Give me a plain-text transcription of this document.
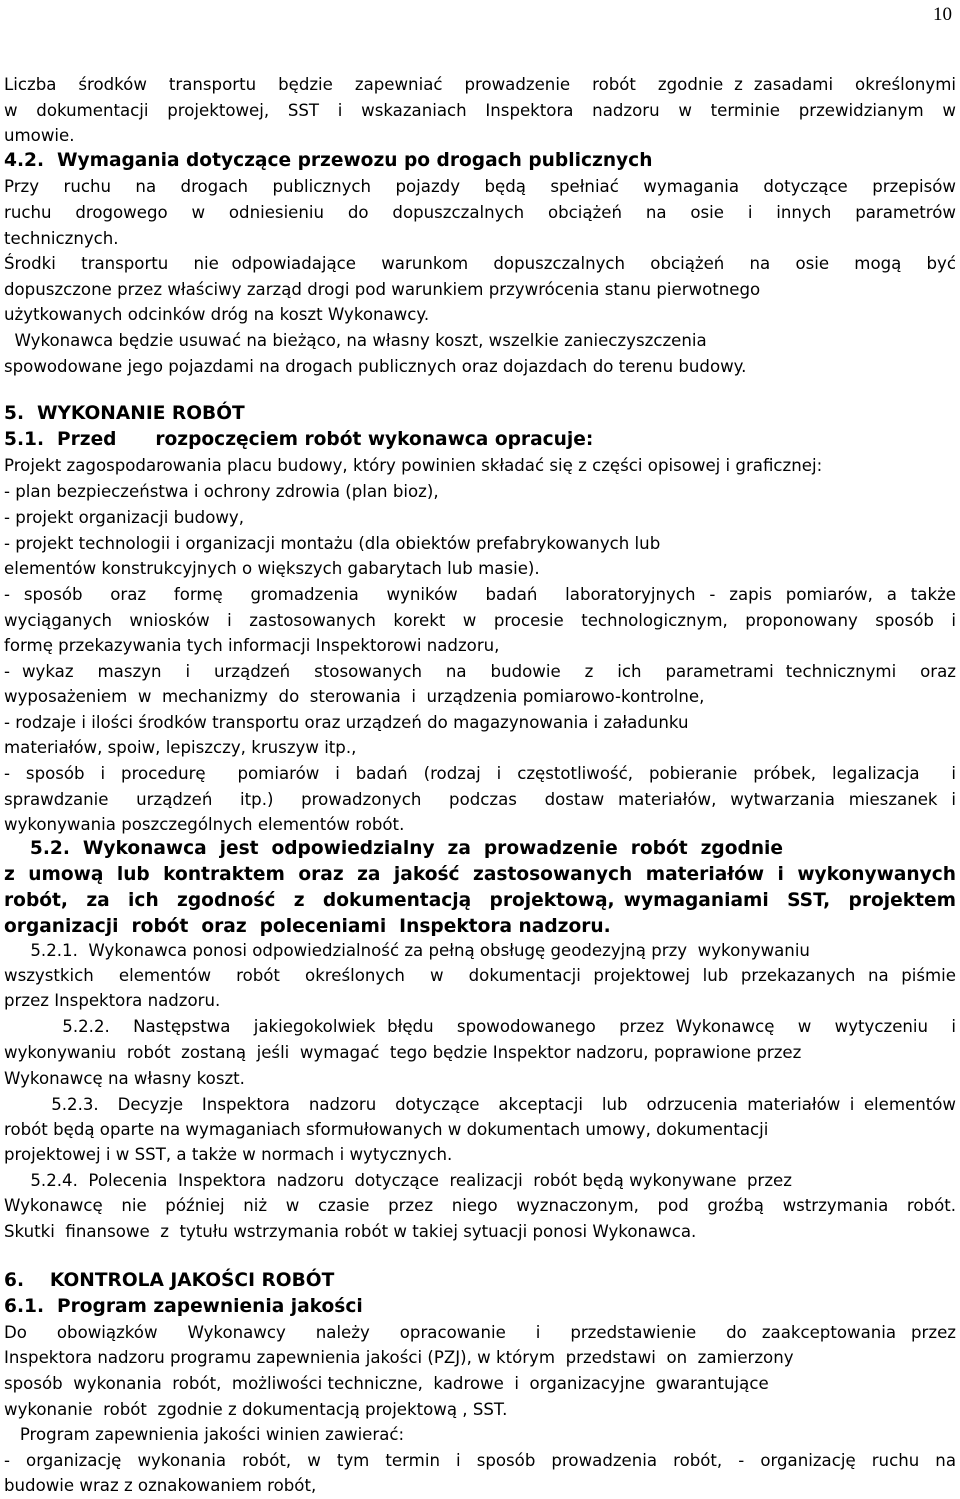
10
Liczba  środków  transportu  będzie  zapewniać  prowadzenie  robót  zgodnie z zasadami  określonymi
w  dokumentacji  projektowej,  SST  i  wskazaniach  Inspektora  nadzoru  w  terminie  przewidzianym  w
umowie.
4.2.  Wymagania dotyczące przewozu po drogach publicznych
Przy  ruchu  na  drogach  publicznych  pojazdy  będą  spełniać  wymagania  dotyczące  przepisów
ruchu drogowego w odniesieniu do dopuszczalnych obciążeń na osie i innych parametrów
technicznych.
Środki  transportu  nie odpowiadające  warunkom  dopuszczalnych  obciążeń  na  osie  mogą  być
dopuszczone przez właściwy zarząd drogi pod warunkiem przywrócenia stanu pierwotnego
użytkowanych odcinków dróg na koszt Wykonawcy.
Wykonawca będzie usuwać na bieżąco, na własny koszt, wszelkie zanieczyszczenia
spowodowane jego pojazdami na drogach publicznych oraz dojazdach do terenu budowy.
5.  WYKONANIE ROBÓT
5.1.  Przed      rozpoczęciem robót wykonawca opracuje:
Projekt zagospodarowania placu budowy, który powinien składać się z części opisowej i graficznej:
- plan bezpieczeństwa i ochrony zdrowia (plan bioz),
- projekt organizacji budowy,
- projekt technologii i organizacji montażu (dla obiektów prefabrykowanych lub
elementów konstrukcyjnych o większych gabarytach lub masie).
- sposób  oraz  formę  gromadzenia  wyników  badań  laboratoryjnych - zapis pomiarów, a także
wyciąganych wniosków i zastosowanych korekt w procesie technologicznym, proponowany sposób i
formę przekazywania tych informacji Inspektorowi nadzoru,
- wykaz  maszyn  i  urządzeń  stosowanych  na  budowie  z  ich  parametrami technicznymi  oraz
wyposażeniem  w  mechanizmy  do  sterowania  i  urządzenia pomiarowo-kontrolne,
- rodzaje i ilości środków transportu oraz urządzeń do magazynowania i załadunku
materiałów, spoiw, lepiszczy, kruszyw itp.,
- sposób i procedurę  pomiarów i badań (rodzaj i częstotliwość, pobieranie próbek, legalizacja  i
sprawdzanie  urządzeń  itp.)  prowadzonych  podczas  dostaw materiałów, wytwarzania mieszanek i
wykonywania poszczególnych elementów robót.
5.2.  Wykonawca  jest  odpowiedzialny  za  prowadzenie  robót  zgodnie
z umową lub kontraktem oraz za jakość zastosowanych materiałów i wykonywanych
robót,  za  ich  zgodność  z  dokumentacją  projektową, wymaganiami  SST,  projektem
organizacji  robót  oraz  poleceniami  Inspektora nadzoru.
5.2.1.  Wykonawca ponosi odpowiedzialność za pełną obsługę geodezyjną przy  wykonywaniu
wszystkich  elementów  robót  określonych  w  dokumentacji projektowej lub przekazanych na piśmie
przez Inspektora nadzoru.
5.2.2.  Następstwa  jakiegokolwiek błędu  spowodowanego  przez Wykonawcę  w  wytyczeniu  i
wykonywaniu  robót  zostaną  jeśli  wymagać  tego będzie Inspektor nadzoru, poprawione przez
Wykonawcę na własny koszt.
5.2.3.  Decyzje  Inspektora  nadzoru  dotyczące  akceptacji  lub  odrzucenia materiałów i elementów
robót będą oparte na wymaganiach sformułowanych w dokumentach umowy, dokumentacji
projektowej i w SST, a także w normach i wytycznych.
5.2.4.  Polecenia  Inspektora  nadzoru  dotyczące  realizacji  robót będą wykonywane  przez
Wykonawcę  nie  później  niż  w  czasie  przez  niego  wyznaczonym,  pod  groźbą  wstrzymania  robót.
Skutki  finansowe  z  tytułu wstrzymania robót w takiej sytuacji ponosi Wykonawca.
6.    KONTROLA JAKOŚCI ROBÓT
6.1.  Program zapewnienia jakości
Do  obowiązków  Wykonawcy  należy  opracowanie  i  przedstawienie  do zaakceptowania przez
Inspektora nadzoru programu zapewnienia jakości (PZJ), w którym  przedstawi  on  zamierzony
sposób  wykonania  robót,  możliwości techniczne,  kadrowe  i  organizacyjne  gwarantujące
wykonanie  robót  zgodnie z dokumentacją projektową , SST.
Program zapewnienia jakości winien zawierać:
- organizację wykonania robót, w tym termin i sposób prowadzenia robót, - organizację ruchu na
budowie wraz z oznakowaniem robót,
